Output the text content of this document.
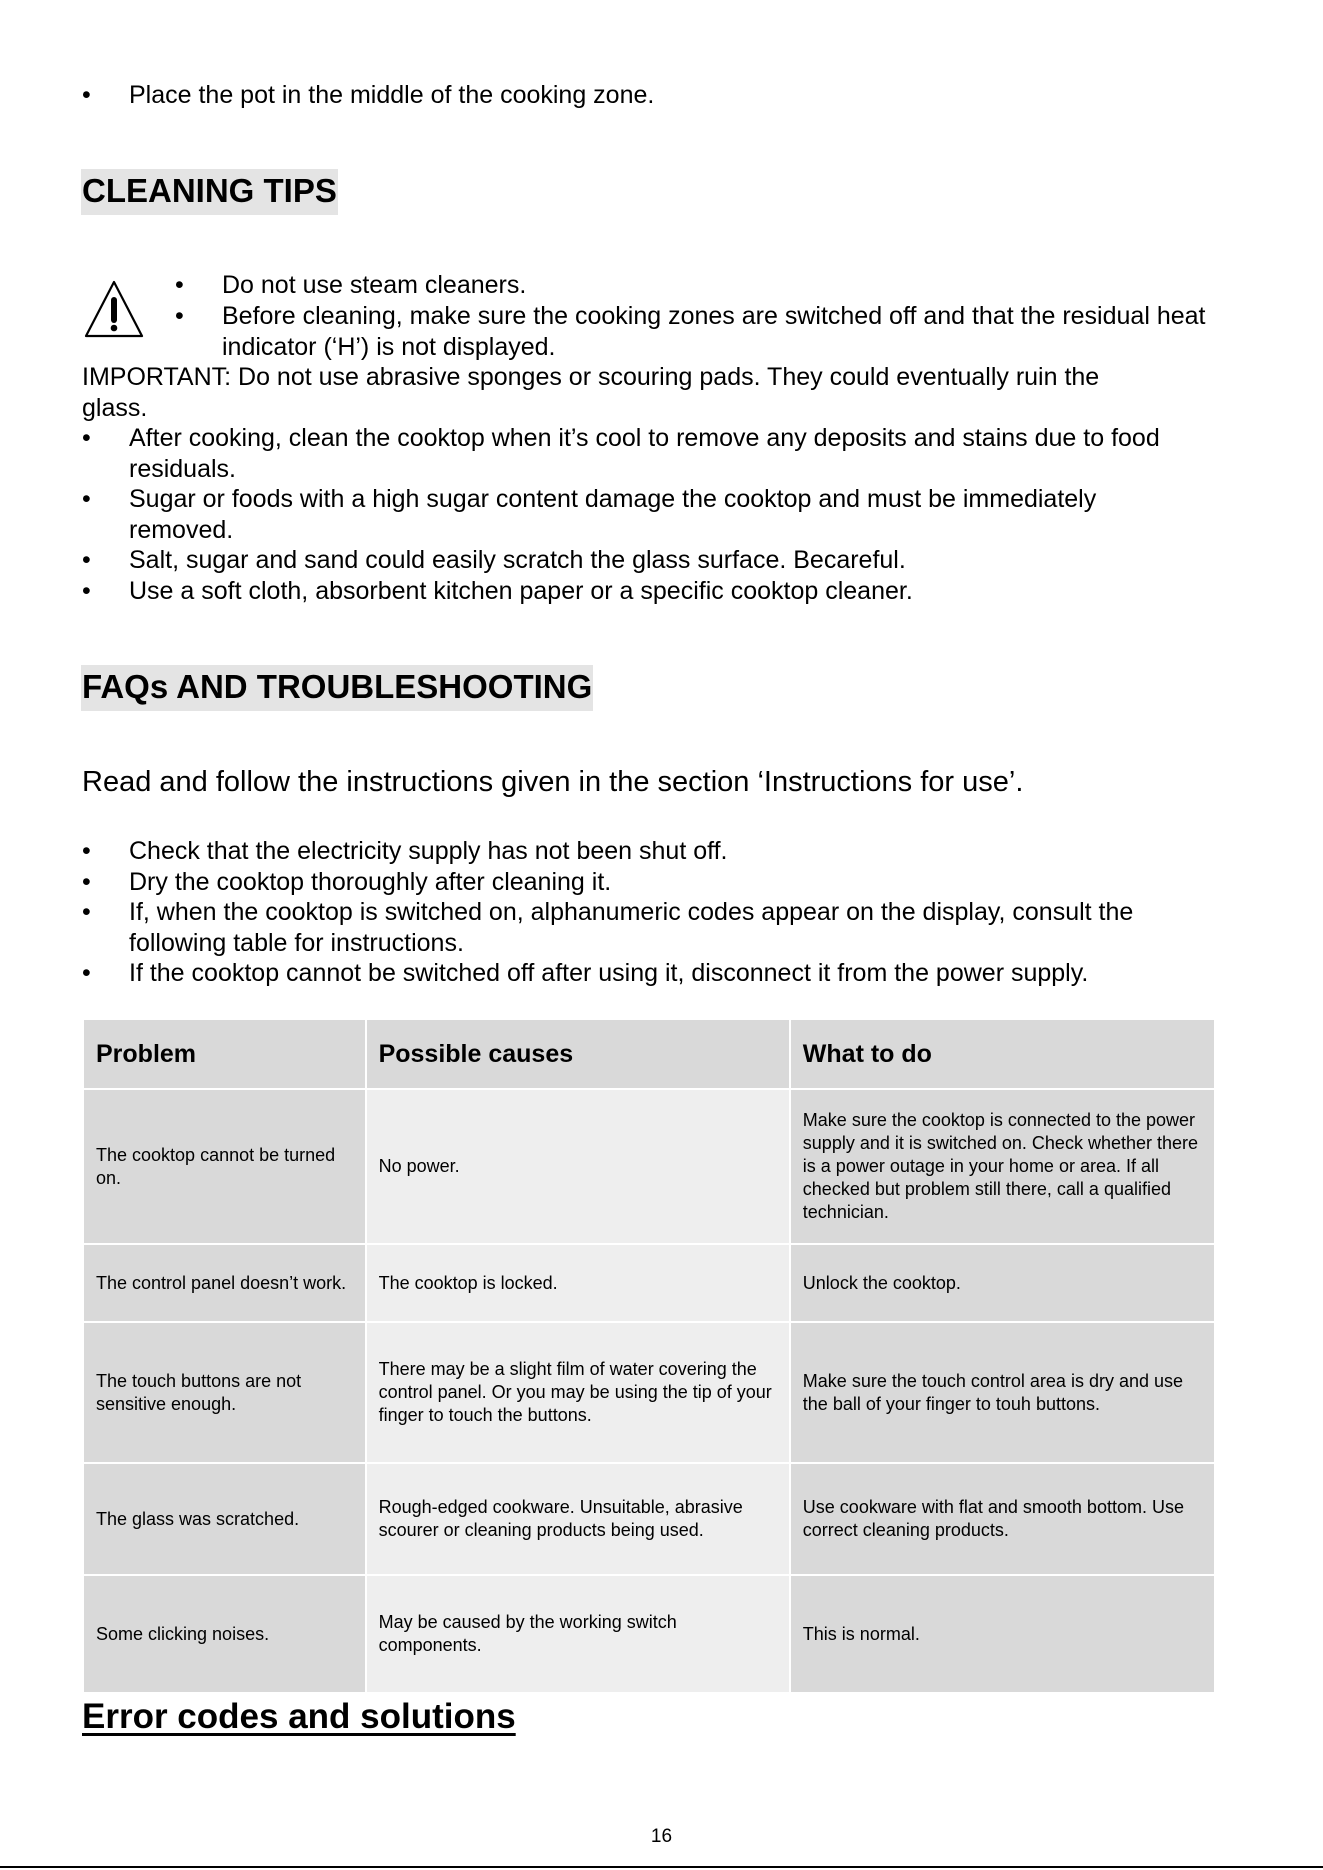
• Place the pot in the middle of the cooking zone.
CLEANING TIPS
• Do not use steam cleaners.
• Before cleaning, make sure the cooking zones are switched off and that the residual heat indicator (‘H’) is not displayed.
IMPORTANT: Do not use abrasive sponges or scouring pads. They could eventually ruin the
glass.
• After cooking, clean the cooktop when it’s cool to remove any deposits and stains due to food residuals.
• Sugar or foods with a high sugar content damage the cooktop and must be immediately removed.
• Salt, sugar and sand could easily scratch the glass surface. Becareful.
• Use a soft cloth, absorbent kitchen paper or a specific cooktop cleaner.
FAQs AND TROUBLESHOOTING
Read and follow the instructions given in the section ‘Instructions for use’.
• Check that the electricity supply has not been shut off.
• Dry the cooktop thoroughly after cleaning it.
• If, when the cooktop is switched on, alphanumeric codes appear on the display, consult the following table for instructions.
• If the cooktop cannot be switched off after using it, disconnect it from the power supply.
Problem	Possible causes	What to do
The cooktop cannot be turned on.	No power.	Make sure the cooktop is connected to the power supply and it is switched on. Check whether there is a power outage in your home or area. If all checked but problem still there, call a qualified technician.
The control panel doesn’t work.	The cooktop is locked.	Unlock the cooktop.
The touch buttons are not sensitive enough.	There may be a slight film of water covering the control panel. Or you may be using the tip of your finger to touch the buttons.	Make sure the touch control area is dry and use the ball of your finger to touh buttons.
The glass was scratched.	Rough-edged cookware. Unsuitable, abrasive scourer or cleaning products being used.	Use cookware with flat and smooth bottom. Use correct cleaning products.
Some clicking noises.	May be caused by the working switch components.	This is normal.
Error codes and solutions
16
